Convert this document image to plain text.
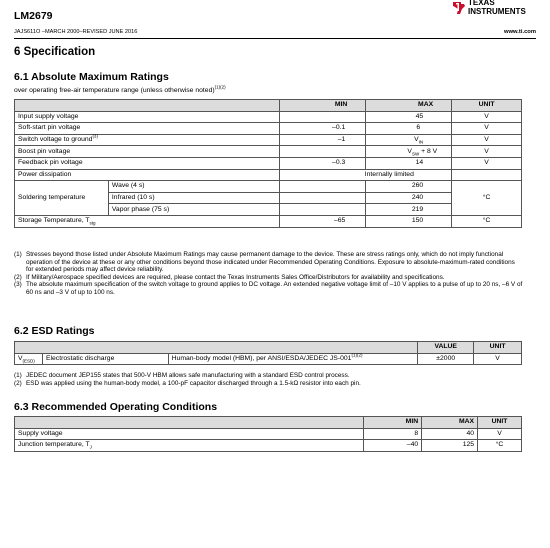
LM2679
JAJS611O –MARCH 2000–REVISED JUNE 2016	www.ti.com
TEXAS
INSTRUMENTS
6 Specification
6.1 Absolute Maximum Ratings
over operating free-air temperature range (unless otherwise noted)$^{(1)(2)}$
		MIN	MAX	UNIT
Input supply voltage			45	V
Soft-start pin voltage		–0.1	6	V
Switch voltage to ground$^{(3)}$		–1	$V_{IN}$	V
Boost pin voltage			$V_{SW} + 8$ V	V
Feedback pin voltage		–0.3	14	V
Power dissipation		Internally limited		
Soldering temperature	Wave (4 s)		260	°C
	Infrared (10 s)		240	
	Vapor phase (75 s)		219	
Storage Temperature, $T_{stg}$		–65	150	°C
(1) Stresses beyond those listed under Absolute Maximum Ratings may cause permanent damage to the device. These are stress ratings only, which do not imply functional operation of the device at these or any other conditions beyond those indicated under Recommended Operating Conditions. Exposure to absolute-maximum-rated conditions for extended periods may affect device reliability.
(2) If Military/Aerospace specified devices are required, please contact the Texas Instruments Sales Office/Distributors for availability and specifications.
(3) The absolute maximum specification of the switch voltage to ground applies to DC voltage. An extended negative voltage limit of –10 V applies to a pulse of up to 20 ns, –6 V of 60 ns and –3 V of up to 100 ns.
6.2 ESD Ratings
			VALUE	UNIT
$V_{(ESD)}$	Electrostatic discharge	Human-body model (HBM), per ANSI/ESDA/JEDEC $JS-001^{(1)(2)}$	±2000	V
(1) JEDEC document JEP155 states that 500-V HBM allows safe manufacturing with a standard ESD control process.
(2) ESD was applied using the human-body model, a 100-pF capacitor discharged through a 1.5-kΩ resistor into each pin.
6.3 Recommended Operating Conditions
	MIN	MAX	UNIT
Supply voltage	8	40	V
Junction temperature, $T_J$	–40	125	°C
